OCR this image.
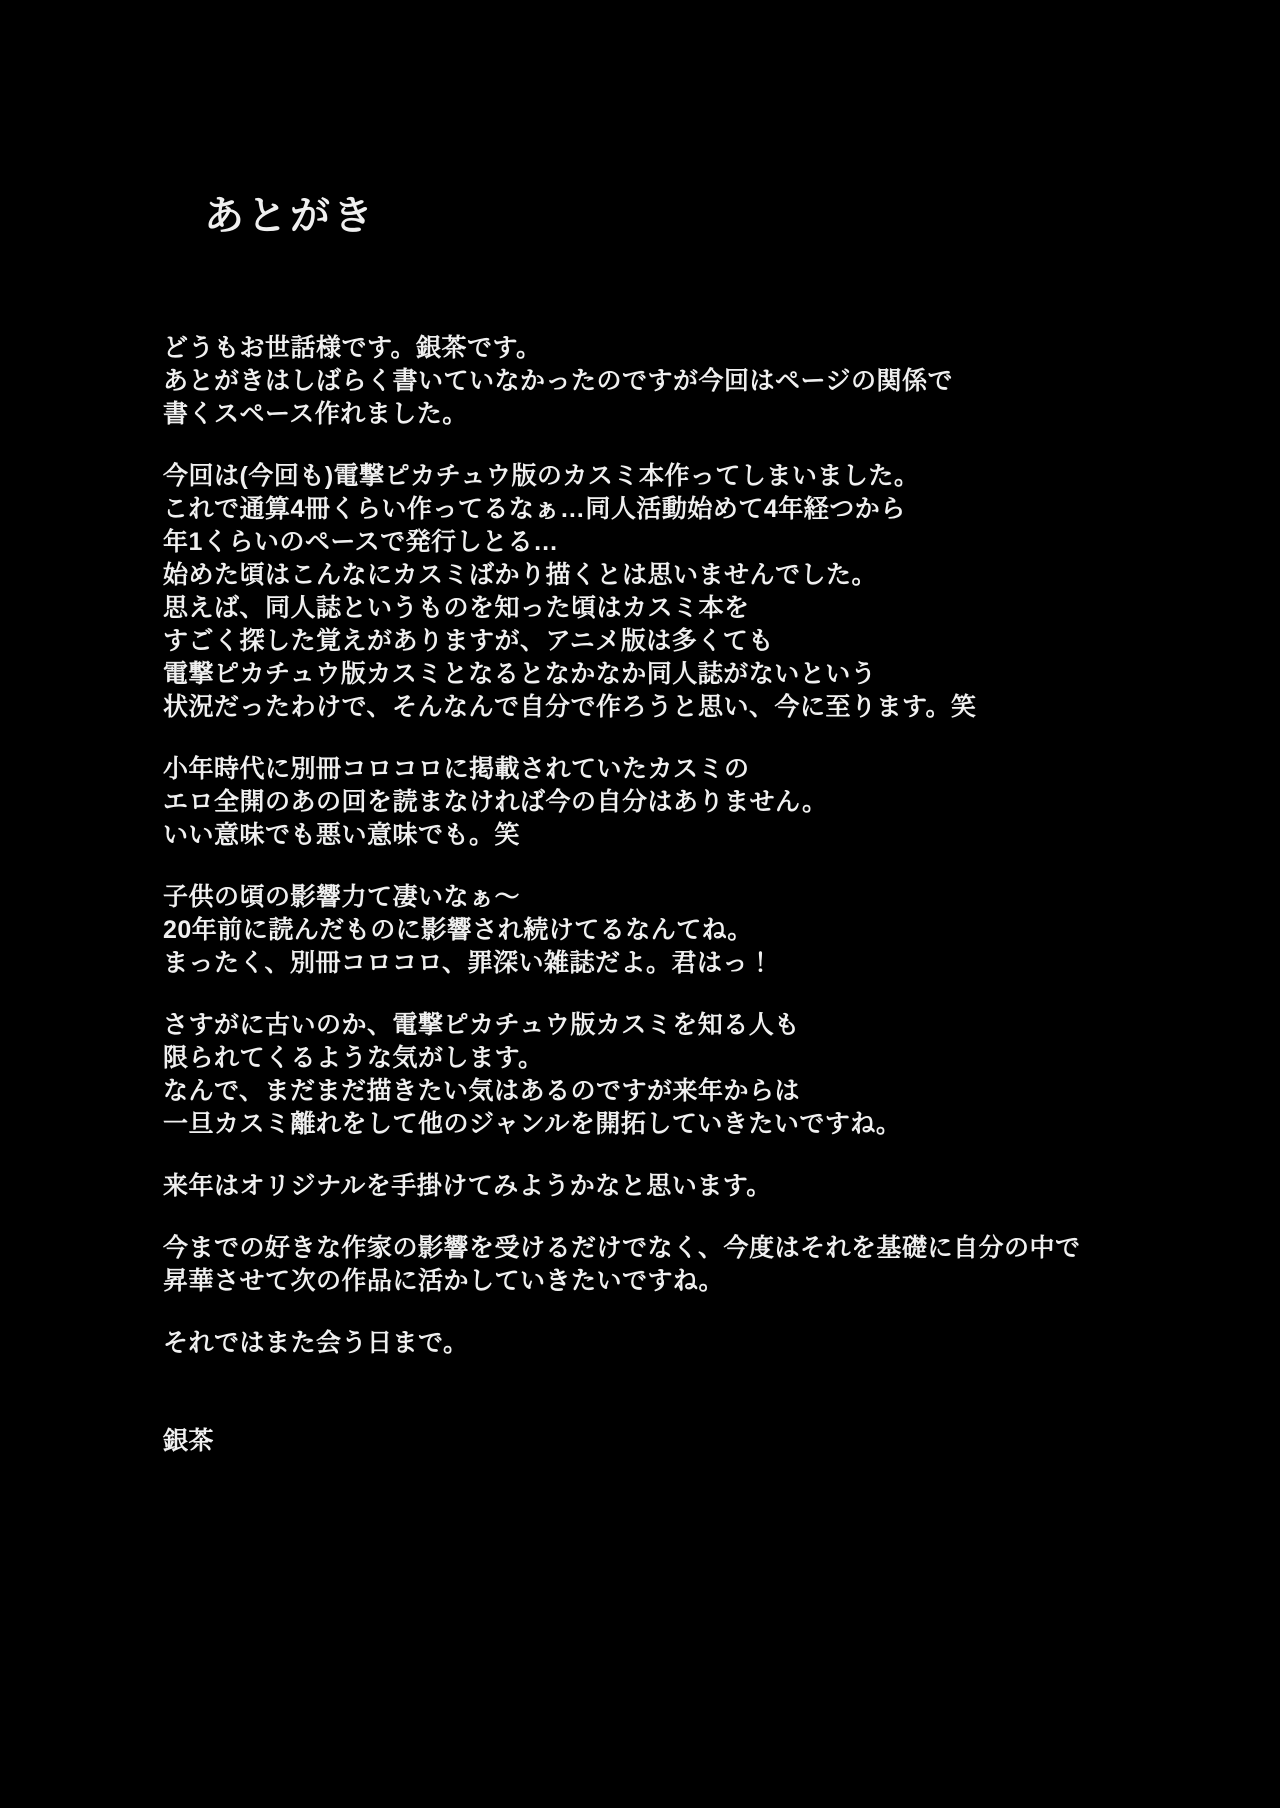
あとがき
どうもお世話様です。銀茶です。
あとがきはしばらく書いていなかったのですが今回はページの関係で
書くスペース作れました。
今回は(今回も)電撃ピカチュウ版のカスミ本作ってしまいました。
これで通算4冊くらい作ってるなぁ…同人活動始めて4年経つから
年1くらいのペースで発行しとる…
始めた頃はこんなにカスミばかり描くとは思いませんでした。
思えば、同人誌というものを知った頃はカスミ本を
すごく探した覚えがありますが、アニメ版は多くても
電撃ピカチュウ版カスミとなるとなかなか同人誌がないという
状況だったわけで、そんなんで自分で作ろうと思い、今に至ります。笑
小年時代に別冊コロコロに掲載されていたカスミの
エロ全開のあの回を読まなければ今の自分はありません。
いい意味でも悪い意味でも。笑
子供の頃の影響力て凄いなぁ～
20年前に読んだものに影響され続けてるなんてね。
まったく、別冊コロコロ、罪深い雑誌だよ。君はっ！
さすがに古いのか、電撃ピカチュウ版カスミを知る人も
限られてくるような気がします。
なんで、まだまだ描きたい気はあるのですが来年からは
一旦カスミ離れをして他のジャンルを開拓していきたいですね。
来年はオリジナルを手掛けてみようかなと思います。
今までの好きな作家の影響を受けるだけでなく、今度はそれを基礎に自分の中で
昇華させて次の作品に活かしていきたいですね。
それではまた会う日まで。
銀茶
